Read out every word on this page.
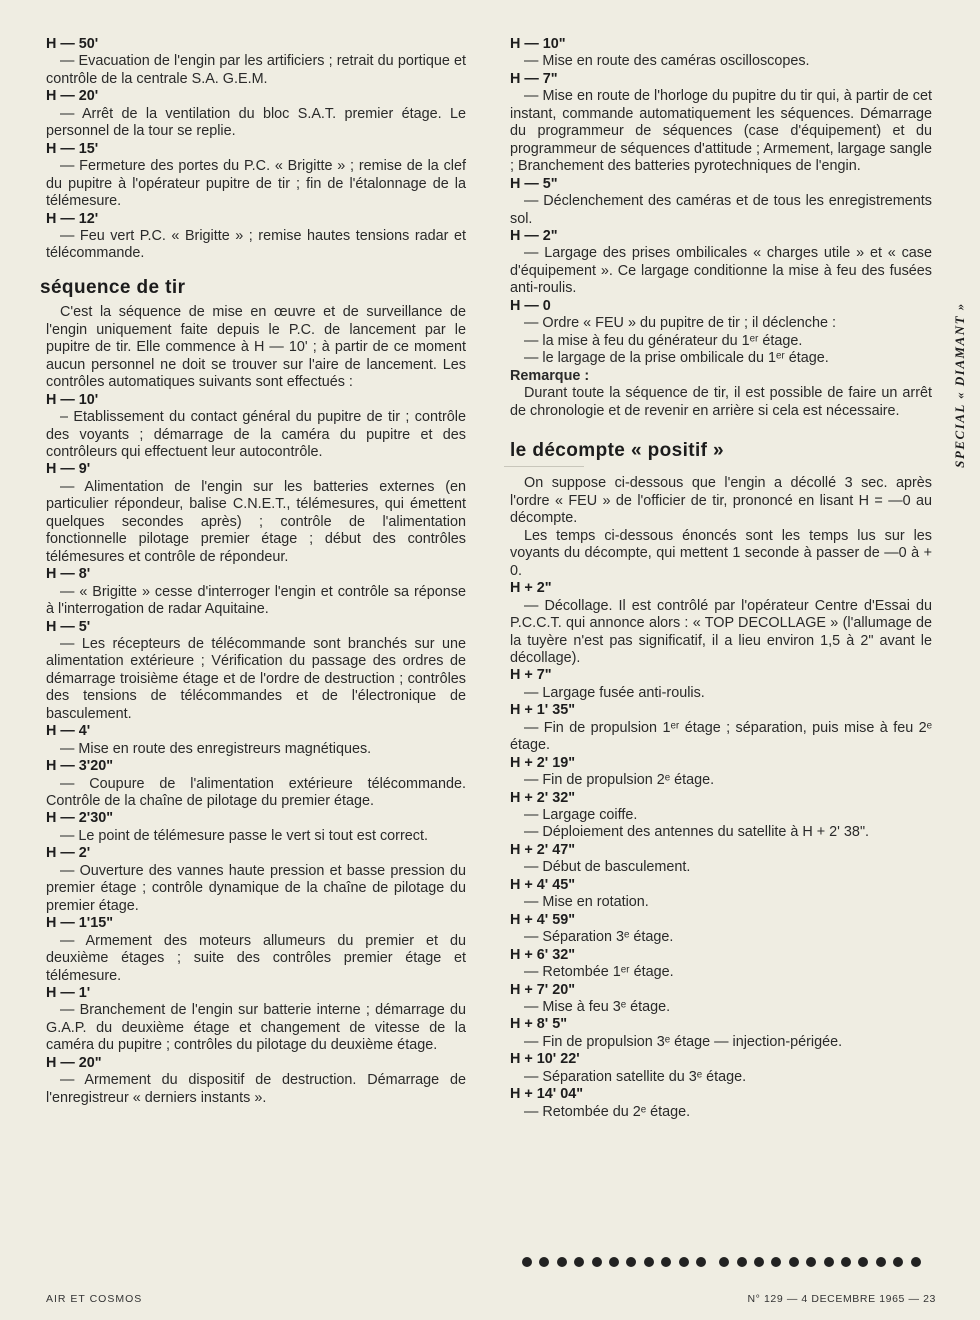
H — 50'
— Evacuation de l'engin par les artificiers ; retrait du portique et contrôle de la centrale S.A. G.E.M.
H — 20'
— Arrêt de la ventilation du bloc S.A.T. premier étage. Le personnel de la tour se replie.
H — 15'
— Fermeture des portes du P.C. « Brigitte » ; remise de la clef du pupitre à l'opérateur pupitre de tir ; fin de l'étalonnage de la télémesure.
H — 12'
— Feu vert P.C. « Brigitte » ; remise hautes tensions radar et télécommande.
séquence de tir
C'est la séquence de mise en œuvre et de surveillance de l'engin uniquement faite depuis le P.C. de lancement par le pupitre de tir. Elle commence à H — 10' ; à partir de ce moment aucun personnel ne doit se trouver sur l'aire de lancement. Les contrôles automatiques suivants sont effectués :
H — 10'
– Etablissement du contact général du pupitre de tir ; contrôle des voyants ; démarrage de la caméra du pupitre et des contrôleurs qui effectuent leur autocontrôle.
H — 9'
— Alimentation de l'engin sur les batteries externes (en particulier répondeur, balise C.N.E.T., télémesures, qui émettent quelques secondes après) ; contrôle de l'alimentation fonctionnelle pilotage premier étage ; début des contrôles télémesures et contrôle de répondeur.
H — 8'
— « Brigitte » cesse d'interroger l'engin et contrôle sa réponse à l'interrogation de radar Aquitaine.
H — 5'
— Les récepteurs de télécommande sont branchés sur une alimentation extérieure ; Vérification du passage des ordres de démarrage troisième étage et de l'ordre de destruction ; contrôles des tensions de télécommandes et de l'électronique de basculement.
H — 4'
— Mise en route des enregistreurs magnétiques.
H — 3'20"
— Coupure de l'alimentation extérieure télécommande. Contrôle de la chaîne de pilotage du premier étage.
H — 2'30"
— Le point de télémesure passe le vert si tout est correct.
H — 2'
— Ouverture des vannes haute pression et basse pression du premier étage ; contrôle dynamique de la chaîne de pilotage du premier étage.
H — 1'15"
— Armement des moteurs allumeurs du premier et du deuxième étages ; suite des contrôles premier étage et télémesure.
H — 1'
— Branchement de l'engin sur batterie interne ; démarrage du G.A.P. du deuxième étage et changement de vitesse de la caméra du pupitre ; contrôles du pilotage du deuxième étage.
H — 20"
— Armement du dispositif de destruction. Démarrage de l'enregistreur « derniers instants ».
H — 10"
— Mise en route des caméras oscilloscopes.
H — 7"
— Mise en route de l'horloge du pupitre du tir qui, à partir de cet instant, commande automatiquement les séquences. Démarrage du programmeur de séquences (case d'équipement) et du programmeur de séquences d'attitude ; Armement, largage sangle ; Branchement des batteries pyrotechniques de l'engin.
H — 5"
— Déclenchement des caméras et de tous les enregistrements sol.
H — 2"
— Largage des prises ombilicales « charges utile » et « case d'équipement ». Ce largage conditionne la mise à feu des fusées anti-roulis.
H — 0
— Ordre « FEU » du pupitre de tir ; il déclenche :
— la mise à feu du générateur du 1ᵉʳ étage.
— le largage de la prise ombilicale du 1ᵉʳ étage.
Remarque :
Durant toute la séquence de tir, il est possible de faire un arrêt de chronologie et de revenir en arrière si cela est nécessaire.
le décompte « positif »
On suppose ci-dessous que l'engin a décollé 3 sec. après l'ordre « FEU » de l'officier de tir, prononcé en lisant H = —0 au décompte.
Les temps ci-dessous énoncés sont les temps lus sur les voyants du décompte, qui mettent 1 seconde à passer de —0 à + 0.
H + 2"
— Décollage. Il est contrôlé par l'opérateur Centre d'Essai du P.C.C.T. qui annonce alors : « TOP DECOLLAGE » (l'allumage de la tuyère n'est pas significatif, il a lieu environ 1,5 à 2" avant le décollage).
H + 7"
— Largage fusée anti-roulis.
H + 1' 35"
— Fin de propulsion 1ᵉʳ étage ; séparation, puis mise à feu 2ᵉ étage.
H + 2' 19"
— Fin de propulsion 2ᵉ étage.
H + 2' 32"
— Largage coiffe.
— Déploiement des antennes du satellite à H + 2' 38".
H + 2' 47"
— Début de basculement.
H + 4' 45"
— Mise en rotation.
H + 4' 59"
— Séparation 3ᵉ étage.
H + 6' 32"
— Retombée 1ᵉʳ étage.
H + 7' 20"
— Mise à feu 3ᵉ étage.
H + 8' 5"
— Fin de propulsion 3ᵉ étage — injection-périgée.
H + 10' 22'
— Séparation satellite du 3ᵉ étage.
H + 14' 04"
— Retombée du 2ᵉ étage.
SPECIAL « DIAMANT »
AIR ET COSMOS	N° 129 — 4 DECEMBRE 1965 — 23
